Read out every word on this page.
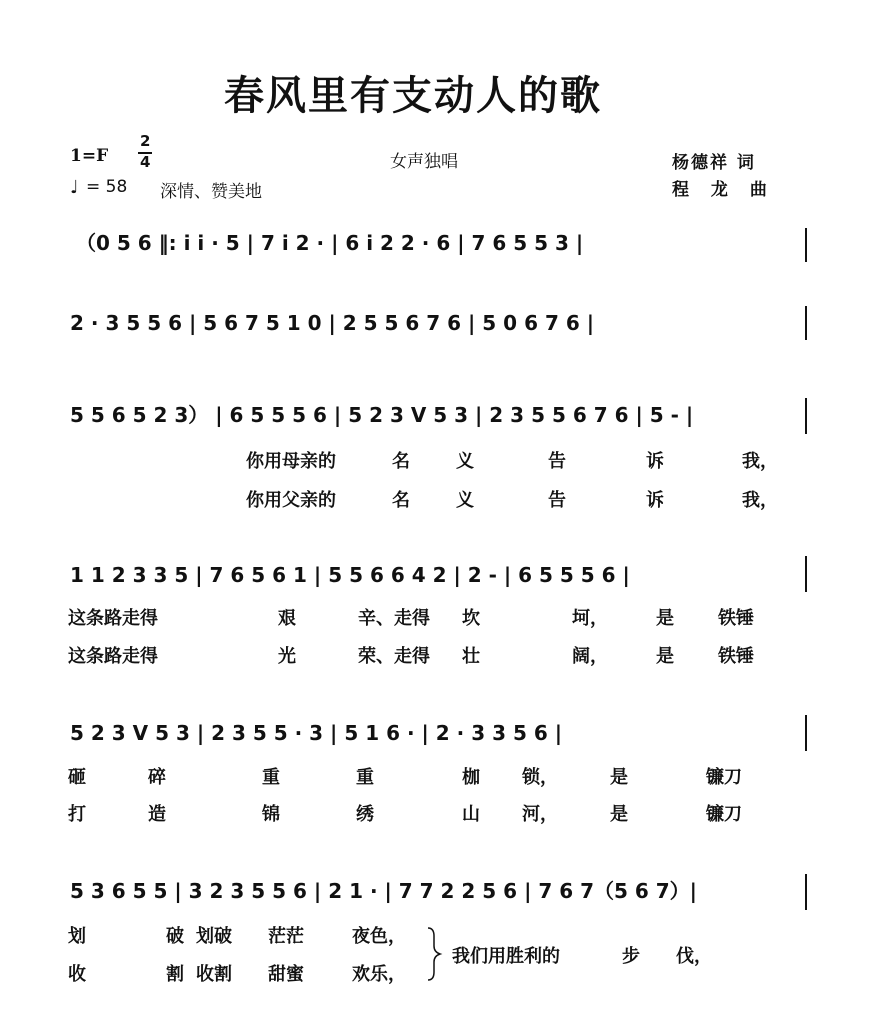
春风里有支动人的歌
1=F
2
4	女声独唱	杨德祥 词
程 龙 曲
♩ = 58 深情、赞美地
（0 5 6 ‖: i i · 5 | 7 i 2 · | 6 i 2 2 · 6 | 7 6 5 5 3 |
2 · 3 5 5 6 | 5 6 7 5 1 0 | 2 5 5 6 7 6 | 5 0 6 7 6 |
5 5 6 5 2 3） | 6 5 5 5 6 | 5 2 3 V 5 3 | 2 3 5 5 6 7 6 | 5 - |
1 1 2 3 3 5 | 7 6 5 6 1 | 5 5 6 6 4 2 | 2 - | 6 5 5 5 6 |
5 2 3 V 5 3 | 2 3 5 5 · 3 | 5 1 6 · | 2 · 3 3 5 6 |
5 3 6 5 5 | 3 2 3 5 5 6 | 2 1 · | 7 7 2 2 5 6 | 7 6 7（5 6 7）|
你用母亲的	名	义	告	诉	我，
你用父亲的	名	义	告	诉	我，
这条路走得	艰	辛、走得 坎	坷，	是 铁锤
这条路走得	光	荣、走得 壮	阔，	是 铁锤
砸	碎	重	重	枷 锁，	是	镰刀
打	造	锦	绣	山 河，	是	镰刀
划	破 划破 茫茫	夜色，
收	割 收割 甜蜜	欢乐，
我们用胜利的	步 伐，
